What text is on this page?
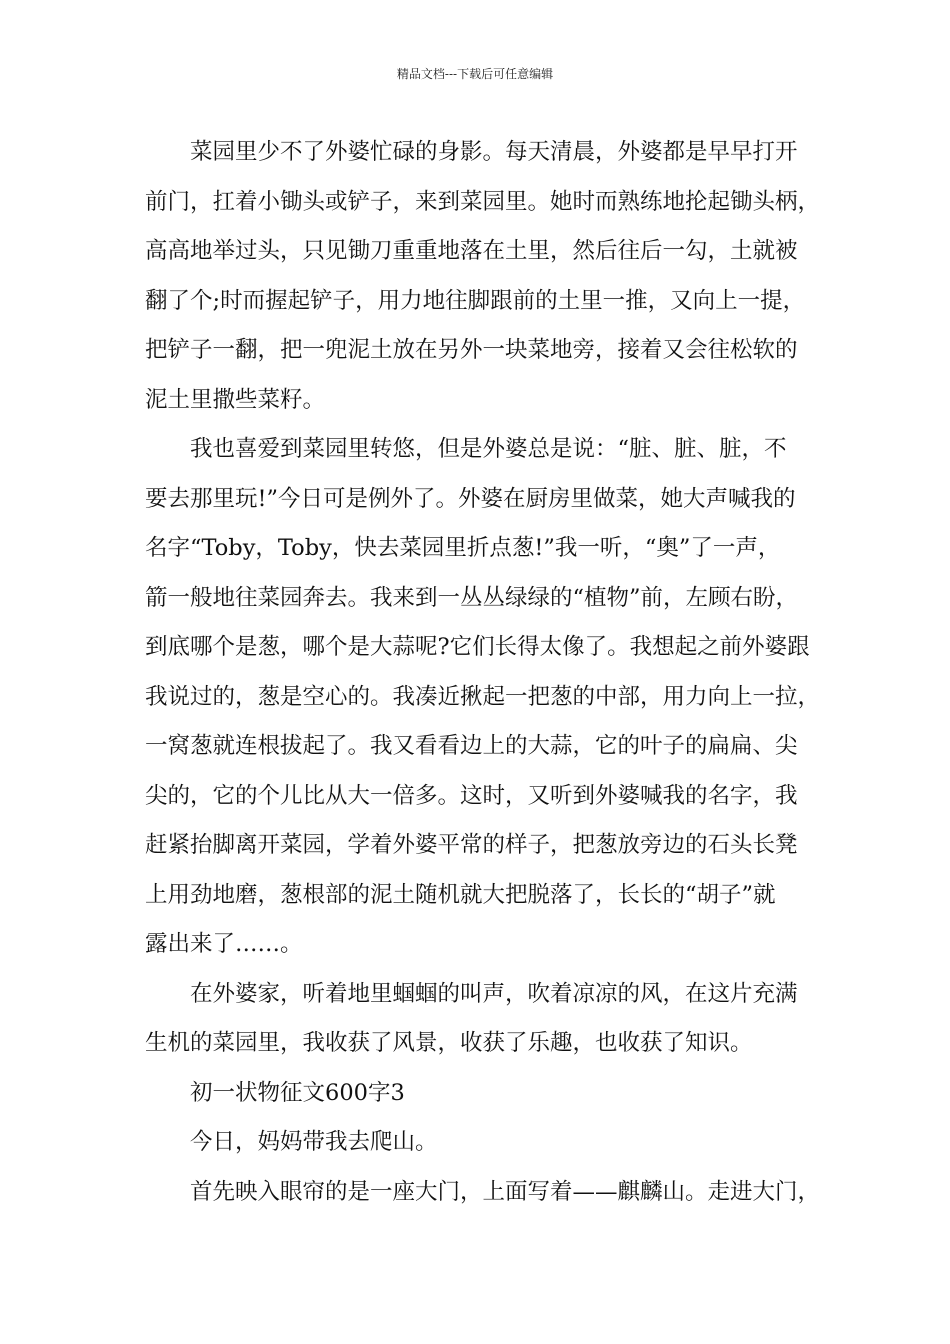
精品文档---下载后可任意编辑
菜园里少不了外婆忙碌的身影。每天清晨，外婆都是早早打开
前门，扛着小锄头或铲子，来到菜园里。她时而熟练地抡起锄头柄，
高高地举过头，只见锄刀重重地落在土里，然后往后一勾，土就被
翻了个;时而握起铲子，用力地往脚跟前的土里一推，又向上一提，
把铲子一翻，把一兜泥土放在另外一块菜地旁，接着又会往松软的
泥土里撒些菜籽。
我也喜爱到菜园里转悠，但是外婆总是说：“脏、脏、脏，不
要去那里玩!”今日可是例外了。外婆在厨房里做菜，她大声喊我的
名字“Toby，Toby，快去菜园里折点葱!”我一听，“奥”了一声，
箭一般地往菜园奔去。我来到一丛丛绿绿的“植物”前，左顾右盼，
到底哪个是葱，哪个是大蒜呢?它们长得太像了。我想起之前外婆跟
我说过的，葱是空心的。我凑近揪起一把葱的中部，用力向上一拉，
一窝葱就连根拔起了。我又看看边上的大蒜，它的叶子的扁扁、尖
尖的，它的个儿比从大一倍多。这时，又听到外婆喊我的名字，我
赶紧抬脚离开菜园，学着外婆平常的样子，把葱放旁边的石头长凳
上用劲地磨，葱根部的泥土随机就大把脱落了，长长的“胡子”就
露出来了……。
在外婆家，听着地里蝈蝈的叫声，吹着凉凉的风，在这片充满
生机的菜园里，我收获了风景，收获了乐趣，也收获了知识。
初一状物征文600字3
今日，妈妈带我去爬山。
首先映入眼帘的是一座大门，上面写着——麒麟山。走进大门，
